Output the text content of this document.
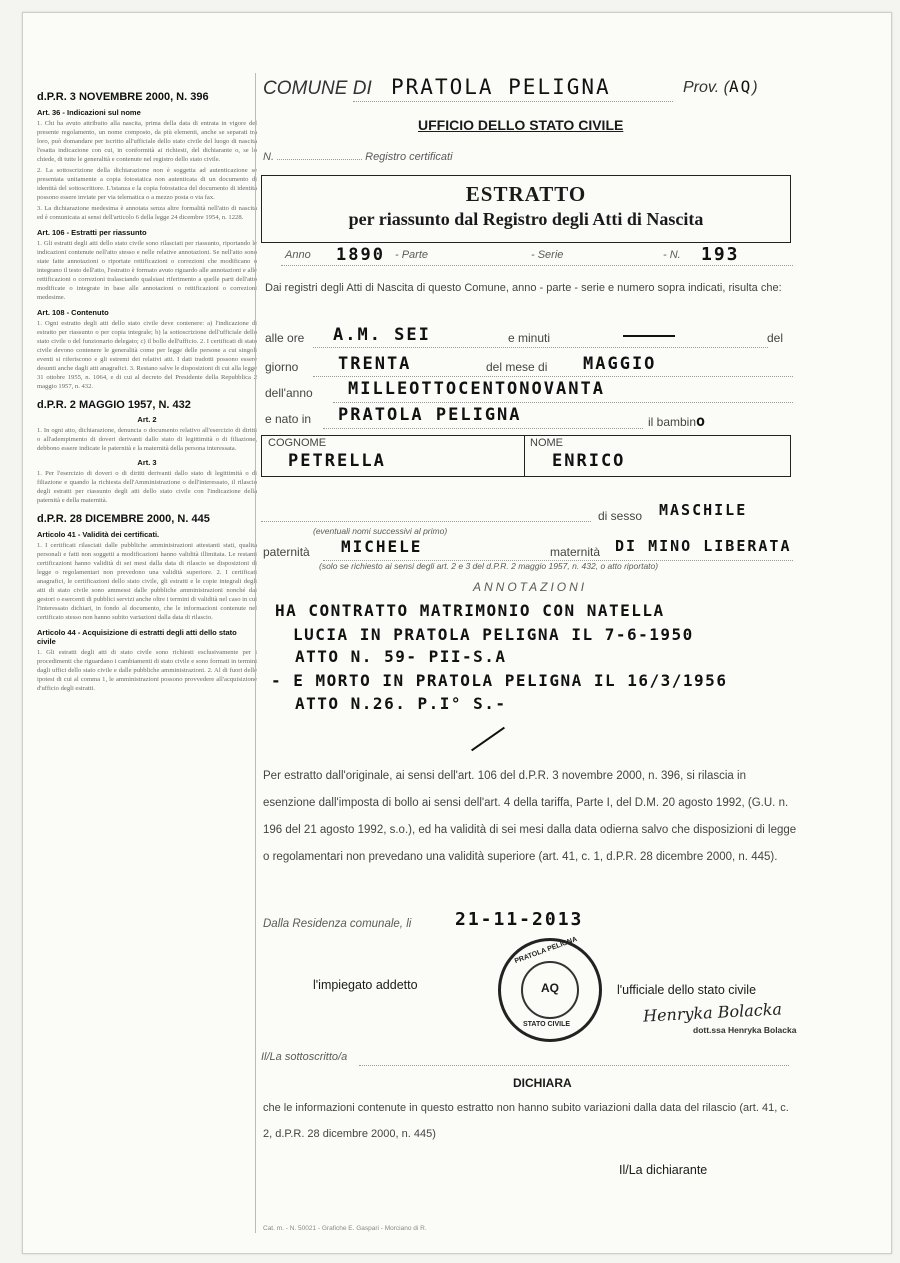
d.P.R. 3 NOVEMBRE 2000, N. 396
Art. 36 - Indicazioni sul nome

1. Chi ha avuto attribuito alla nascita, prima della data di entrata in vigore del presente regolamento, un nome composto, da più elementi, anche se separati tra loro, può domandare per iscritto all'ufficiale dello stato civile del luogo di nascita l'esatta indicazione con cui, in conformità ai richiesti, del dichiarante o, se lo chiede, di tutte le generalità e contenute nel registro dello stato civile.

2. La sottoscrizione della dichiarazione non è soggetta ad autenticazione se presentata unitamente a copia fotostatica non autenticata di un documento di identità del sottoscrittore. L'istanza e la copia fotostatica del documento di identità possono essere inviate per via telematica o a mezzo posta o via fax.

3. La dichiarazione medesima è annotata senza altre formalità nell'atto di nascita ed è comunicata ai sensi dell'articolo 6 della legge 24 dicembre 1954, n. 1228.

Art. 106 - Estratti per riassunto

1. Gli estratti degli atti dello stato civile sono rilasciati per riassunto, riportando le indicazioni contenute nell'atto stesso e nelle relative annotazioni. Se nell'atto sono state fatte annotazioni o riportate rettificazioni o correzioni che modificano o integrano il testo dell'atto, l'estratto è formato avuto riguardo alle annotazioni e alle rettificazioni o correzioni tralasciando qualsiasi riferimento a quelle parti dell'atto modificate o integrate in base alle annotazioni o rettificazioni o correzioni medesime.

Art. 108 - Contenuto

1. Ogni estratto degli atti dello stato civile deve contenere: a) l'indicazione di estratto per riassunto o per copia integrale; b) la sottoscrizione dell'ufficiale dello stato civile o del funzionario delegato; c) il bollo dell'ufficio. 2. I certificati di stato civile devono contenere le generalità come per legge delle persone a cui singoli eventi si riferiscono e gli estremi dei relativi atti. I dati tradotti possono essere desunti anche dagli atti anagrafici. 3. Restano salve le disposizioni di cui alla legge 31 ottobre 1955, n. 1064, e di cui al decreto del Presidente della Repubblica 2 maggio 1957, n. 432.

d.P.R. 2 MAGGIO 1957, N. 432
Art. 2

1. In ogni atto, dichiarazione, denuncia o documento relativo all'esercizio di diritti o all'adempimento di doveri derivanti dallo stato di legittimità o di filiazione, debbono essere indicate le paternità e la maternità della persona interessata.

Art. 3

1. Per l'esercizio di doveri o di diritti derivanti dallo stato di legittimità o di filiazione e quando la richiesta dell'Amministrazione o dell'interessato, il rilascio degli estratti per riassunto degli atti dello stato civile con l'indicazione della paternità e della maternità.

d.P.R. 28 DICEMBRE 2000, N. 445
Articolo 41 - Validità dei certificati.

1. I certificati rilasciati dalle pubbliche amministrazioni attestanti stati, qualità personali e fatti non soggetti a modificazioni hanno validità illimitata. Le restanti certificazioni hanno validità di sei mesi dalla data di rilascio se disposizioni di legge o regolamentari non prevedono una validità superiore. 2. I certificati anagrafici, le certificazioni dello stato civile, gli estratti e le copie integrali degli atti di stato civile sono ammessi dalle pubbliche amministrazioni nonché dai gestori o esercenti di pubblici servizi anche oltre i termini di validità nel caso in cui l'interessato dichiari, in fondo al documento, che le informazioni contenute nel certificato stesso non hanno subito variazioni dalla data di rilascio.

Articolo 44 - Acquisizione di estratti degli atti dello stato civile

1. Gli estratti degli atti di stato civile sono richiesti esclusivamente per i procedimenti che riguardano i cambiamenti di stato civile e sono formati in termini dagli uffici dello stato civile e dalle pubbliche amministrazioni. 2. Al di fuori delle ipotesi di cui al comma 1, le amministrazioni possono provvedere all'acquisizione d'ufficio degli estratti.

COMUNE DI PRATOLA PELIGNA	Prov. (AQ)
UFFICIO DELLO STATO CIVILE
N.	Registro certificati
ESTRATTO
per riassunto dal Registro degli Atti di Nascita
Anno 1890 - Parte	- Serie	- N. 193
Dai registri degli Atti di Nascita di questo Comune, anno - parte - serie e numero sopra indicati, risulta che:
alle ore A.M. SEI	e minuti	del
giorno TRENTA	del mese di MAGGIO
dell'anno MILLEOTTOCENTONOVANTA
e nato in PRATOLA PELIGNA	il bambino
COGNOME
PETRELLA
NOME
ENRICO
di sesso MASCHILE
(eventuali nomi successivi al primo)
paternità MICHELE	maternità DI MINO LIBERATA
(solo se richiesto ai sensi degli art. 2 e 3 del d.P.R. 2 maggio 1957, n. 432, o atto riportato)
ANNOTAZIONI
HA CONTRATTO MATRIMONIO CON NATELLA
LUCIA IN PRATOLA PELIGNA IL 7-6-1950
ATTO N. 59- PII-S.A
- E MORTO IN PRATOLA PELIGNA IL 16/3/1956
ATTO N.26. P.I° S.-
Per estratto dall'originale, ai sensi dell'art. 106 del d.P.R. 3 novembre 2000, n. 396, si rilascia in esenzione dall'imposta di bollo ai sensi dell'art. 4 della tariffa, Parte I, del D.M. 20 agosto 1992, (G.U. n. 196 del 21 agosto 1992, s.o.), ed ha validità di sei mesi dalla data odierna salvo che disposizioni di legge o regolamentari non prevedano una validità superiore (art. 41, c. 1, d.P.R. 28 dicembre 2000, n. 445).
Dalla Residenza comunale, li 21-11-2013
PRATOLA PELIGNA
AQ
STATO CIVILE
l'impiegato addetto	l'ufficiale dello stato civile
Henryka Bolacka
dott.ssa Henryka Bolacka
Il/La sottoscritto/a
DICHIARA
che le informazioni contenute in questo estratto non hanno subito variazioni dalla data del rilascio (art. 41, c. 2, d.P.R. 28 dicembre 2000, n. 445)
Il/La dichiarante
Cat. m. - N. 50021 - Grafiche E. Gaspari - Morciano di R.
